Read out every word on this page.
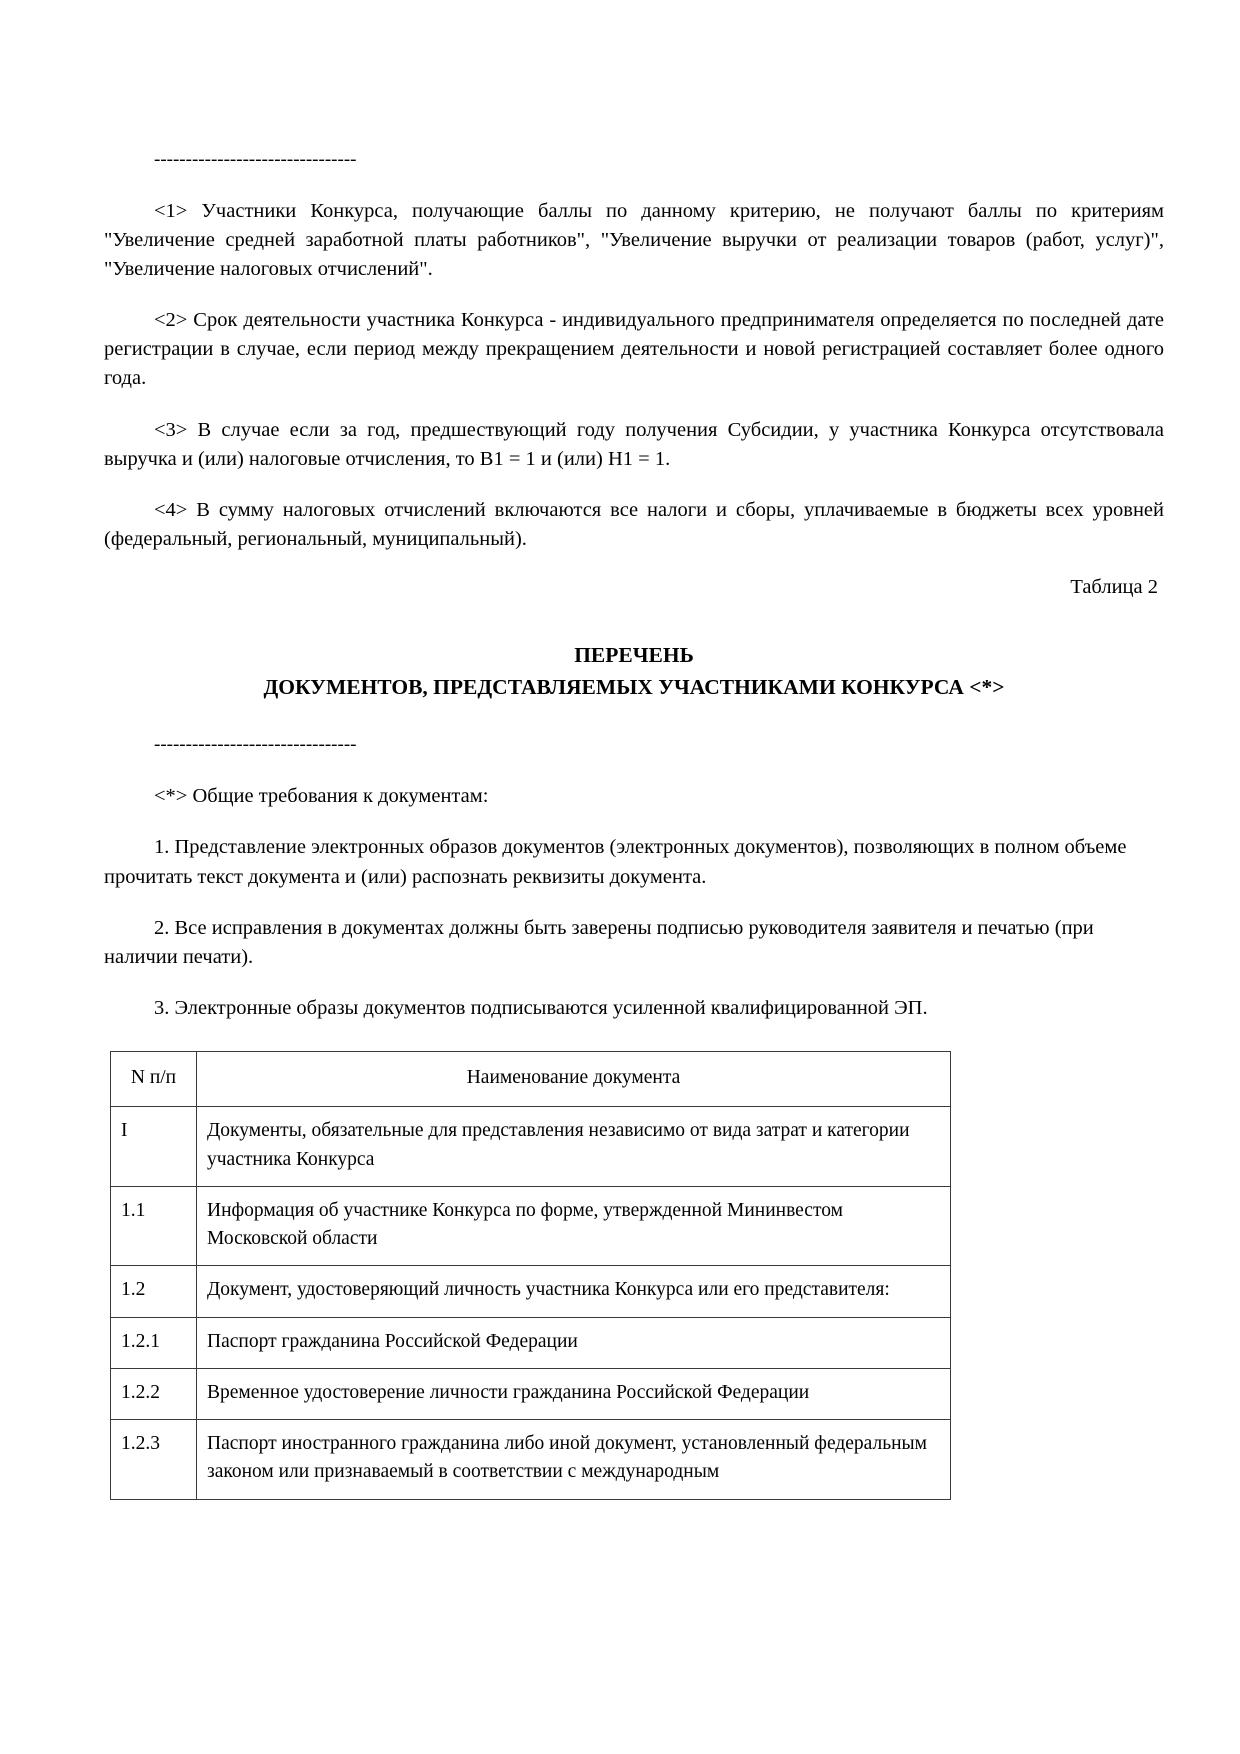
--------------------------------

<1> Участники Конкурса, получающие баллы по данному критерию, не получают баллы по критериям "Увеличение средней заработной платы работников", "Увеличение выручки от реализации товаров (работ, услуг)", "Увеличение налоговых отчислений".

<2> Срок деятельности участника Конкурса - индивидуального предпринимателя определяется по последней дате регистрации в случае, если период между прекращением деятельности и новой регистрацией составляет более одного года.

<3> В случае если за год, предшествующий году получения Субсидии, у участника Конкурса отсутствовала выручка и (или) налоговые отчисления, то В1 = 1 и (или) Н1 = 1.

<4> В сумму налоговых отчислений включаются все налоги и сборы, уплачиваемые в бюджеты всех уровней (федеральный, региональный, муниципальный).

Таблица 2
ПЕРЕЧЕНЬ
ДОКУМЕНТОВ, ПРЕДСТАВЛЯЕМЫХ УЧАСТНИКАМИ КОНКУРСА <*>
--------------------------------

<*> Общие требования к документам:

1. Представление электронных образов документов (электронных документов), позволяющих в полном объеме прочитать текст документа и (или) распознать реквизиты документа.

2. Все исправления в документах должны быть заверены подписью руководителя заявителя и печатью (при наличии печати).

3. Электронные образы документов подписываются усиленной квалифицированной ЭП.

N п/п	Наименование документа
I	Документы, обязательные для представления независимо от вида затрат и категории участника Конкурса
1.1	Информация об участнике Конкурса по форме, утвержденной Мининвестом Московской области
1.2	Документ, удостоверяющий личность участника Конкурса или его представителя:
1.2.1	Паспорт гражданина Российской Федерации
1.2.2	Временное удостоверение личности гражданина Российской Федерации
1.2.3	Паспорт иностранного гражданина либо иной документ, установленный федеральным законом или признаваемый в соответствии с международным
